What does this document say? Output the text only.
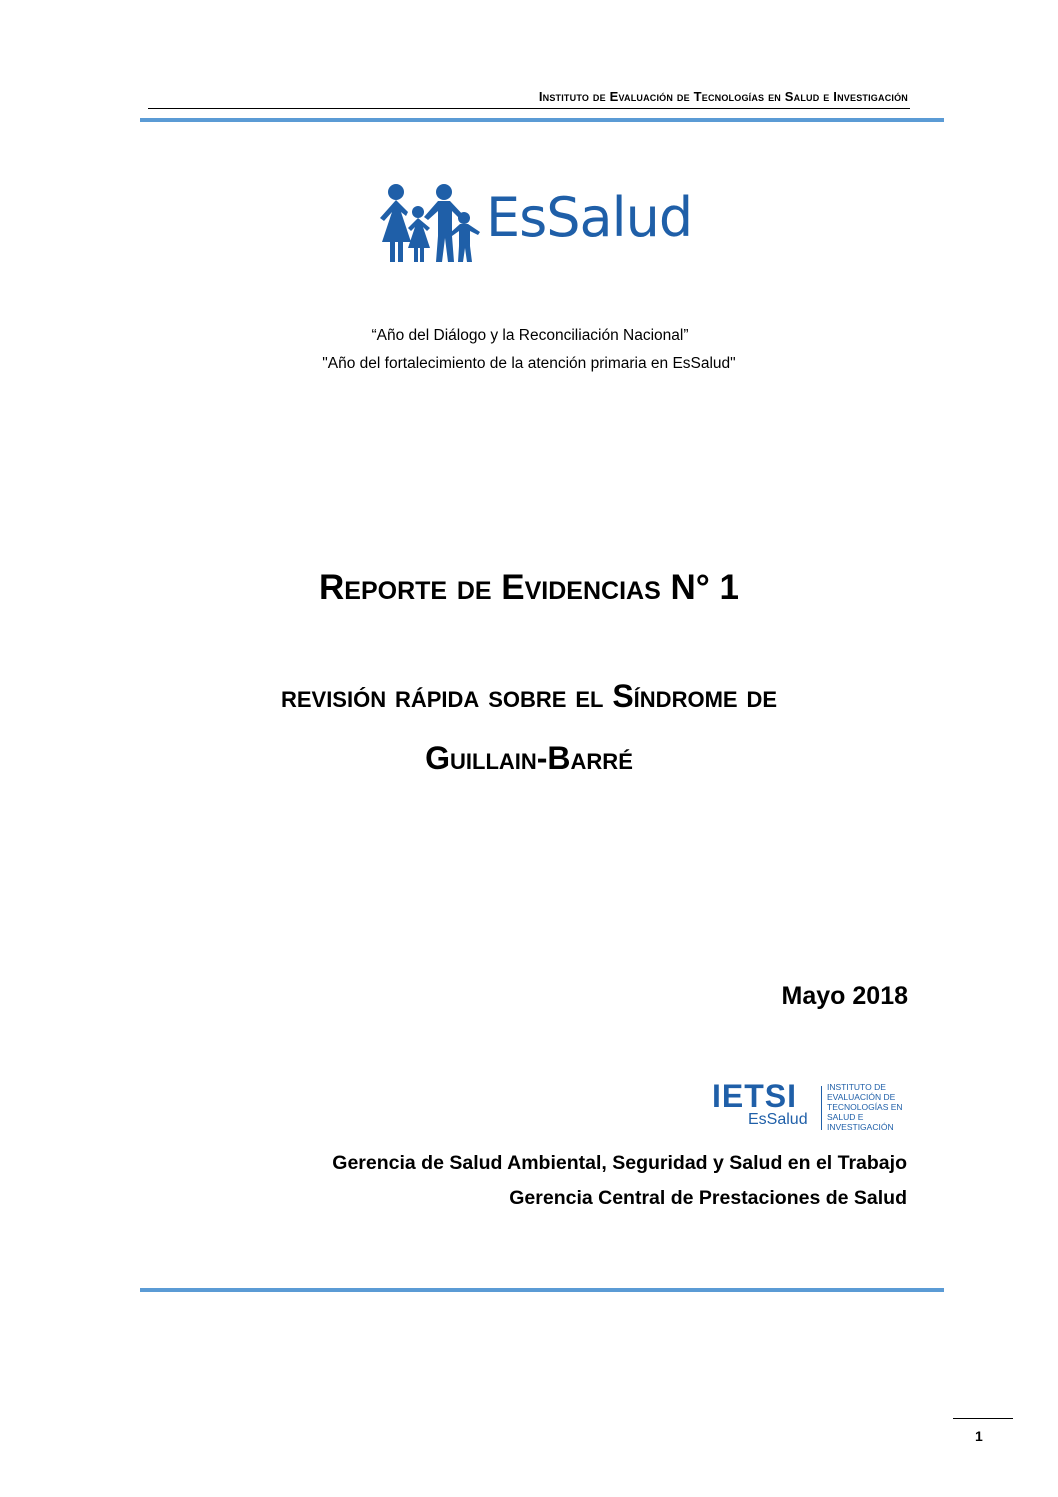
Instituto de Evaluación de Tecnologías en Salud e Investigación
EsSalud
“Año del Diálogo y la Reconciliación Nacional”
"Año del fortalecimiento de la atención primaria en EsSalud"
Reporte de Evidencias N° 1
revisión rápida sobre el Síndrome de
Guillain-Barré
Mayo 2018
IETSI
EsSalud
INSTITUTO DE EVALUACIÓN DE TECNOLOGÍAS EN SALUD E INVESTIGACIÓN
Gerencia de Salud Ambiental, Seguridad y Salud en el Trabajo
Gerencia Central de Prestaciones de Salud
1
